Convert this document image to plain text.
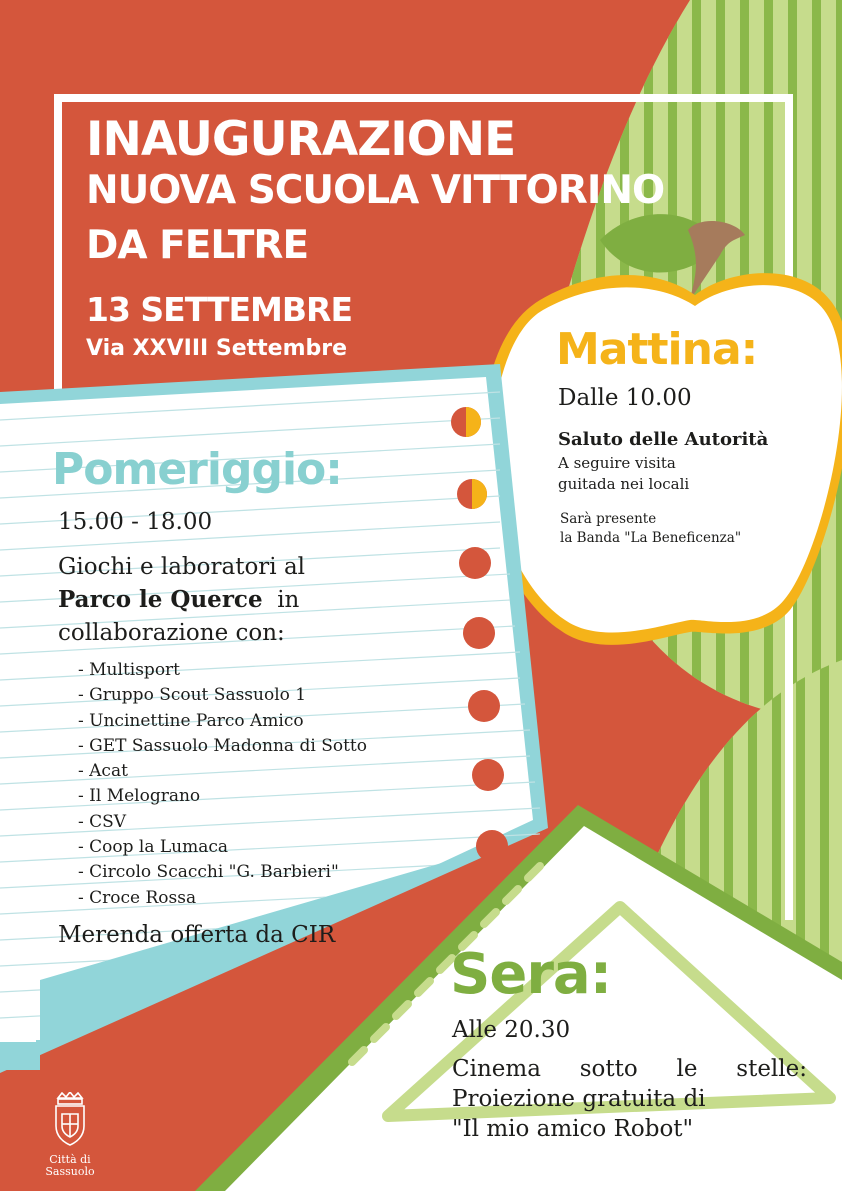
INAUGURAZIONE

NUOVA SCUOLA VITTORINO

DA FELTRE

13 SETTEMBRE

Via XXVIII Settembre	Mattina:

Dalle 10.00

Saluto delle Autorità

A seguire visita

guitada nei locali

Sarà presente

la Banda "La Beneficenza"

Pomeriggio:

15.00 - 18.00

Giochi e laboratori al

Parco le Querce in

collaborazione con:

- Multisport
- Gruppo Scout Sassuolo 1
- Uncinettine Parco Amico
- GET Sassuolo Madonna di Sotto
- Acat
- Il Melograno
- CSV
- Coop la Lumaca
- Circolo Scacchi "G. Barbieri"
- Croce Rossa

Merenda offerta da CIR

Sera:

Alle 20.30

Cinema sotto le stelle:

Proiezione gratuita di

"Il mio amico Robot"

Città di
Sassuolo
